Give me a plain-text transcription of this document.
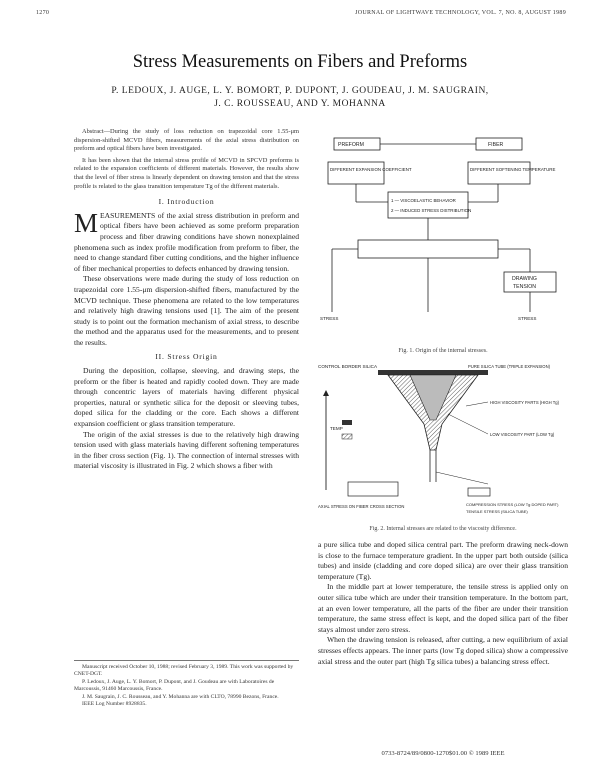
1270	JOURNAL OF LIGHTWAVE TECHNOLOGY, VOL. 7, NO. 8, AUGUST 1989
Stress Measurements on Fibers and Preforms
P. LEDOUX, J. AUGE, L. Y. BOMORT, P. DUPONT, J. GOUDEAU, J. M. SAUGRAIN,
J. C. ROUSSEAU, AND Y. MOHANNA

Abstract—During the study of loss reduction on trapezoidal core 1.55-μm dispersion-shifted MCVD fibers, measurements of the axial stress distribution on preform and optical fibers have been investigated.

It has been shown that the internal stress profile of MCVD in SPCVD preforms is related to the expansion coefficients of different materials. However, the results show that the level of fiber stress is linearly dependent on drawing tension and that the stress profile is related to the glass transition temperature Tg of the different materials.

I. Introduction

MEASUREMENTS of the axial stress distribution in preform and optical fibers have been achieved as some preform preparation process and fiber drawing conditions have shown nonexplained phenomena such as index profile modification from preform to fiber, the need to change standard fiber cutting conditions, and the higher influence of fiber mechanical properties to defects enhanced by drawing tension.

These observations were made during the study of loss reduction on trapezoidal core 1.55-μm dispersion-shifted fibers, manufactured by the MCVD technique. These phenomena are related to the low temperatures and relatively high drawing tensions used [1]. The aim of the present study is to point out the formation mechanism of axial stress, to describe the method and the apparatus used for the measurements, and to present the results.

II. Stress Origin

During the deposition, collapse, sleeving, and drawing steps, the preform or the fiber is heated and rapidly cooled down. They are made through concentric layers of materials having different physical properties, natural or synthetic silica for the deposit or sleeving tubes, doped silica for the cladding or the core. Each shows a different expansion coefficient or glass transition temperature.

The origin of the axial stresses is due to the relatively high drawing tension used with glass materials having different softening temperatures in the fiber cross section (Fig. 1). The connection of internal stresses with material viscosity is illustrated in Fig. 2 which shows a fiber with

Manuscript received October 10, 1988; revised February 3, 1989. This work was supported by CNET-DGT.

P. Ledoux, J. Auge, L. Y. Bomort, P. Dupont, and J. Goudeau are with Laboratoires de Marcoussis, 91460 Marcoussis, France.

J. M. Saugrain, J. C. Rousseau, and Y. Mohanna are with CLTO, 78990 Bezons, France.

IEEE Log Number 8928835.

PREFORM	FIBER
DIFFERENT EXPANSION COEFFICIENT	DIFFERENT SOFTENING TEMPERATURE
1 — VISCOELASTIC BEHAVIOR
2 — INDUCED STRESS DISTRIBUTION
DRAWING
TENSION
STRESS	STRESS
Fig. 1. Origin of the internal stresses.
CONTROL BORDER SILICA	PURE SILICA TUBE (TRIPLE EXPANSION)
TEMP
HIGH VISCOSITY PARTS (HIGH Tg)
LOW VISCOSITY PART (LOW Tg)
AXIAL STRESS ON FIBER CROSS SECTION	COMPRESSION STRESS (LOW Tg DOPED PART)
TENSILE STRESS (SILICA TUBE)
Fig. 2. Internal stresses are related to the viscosity difference.

a pure silica tube and doped silica central part. The preform drawing neck-down is close to the furnace temperature gradient. In the upper part both outside (silica tubes) and inside (cladding and core doped silica) are over their glass transition temperature (Tg).

In the middle part at lower temperature, the tensile stress is applied only on outer silica tube which are under their transition temperature. In the bottom part, at an even lower temperature, all the parts of the fiber are under their transition temperature, the same stress effect is kept, and the doped silica part of the fiber stays almost under zero stress.

When the drawing tension is released, after cutting, a new equilibrium of axial stresses effects appears. The inner parts (low Tg doped silica) show a compressive axial stress and the outer part (high Tg silica tubes) a balancing stress effect.

0733-8724/89/0800-1270$01.00 © 1989 IEEE
